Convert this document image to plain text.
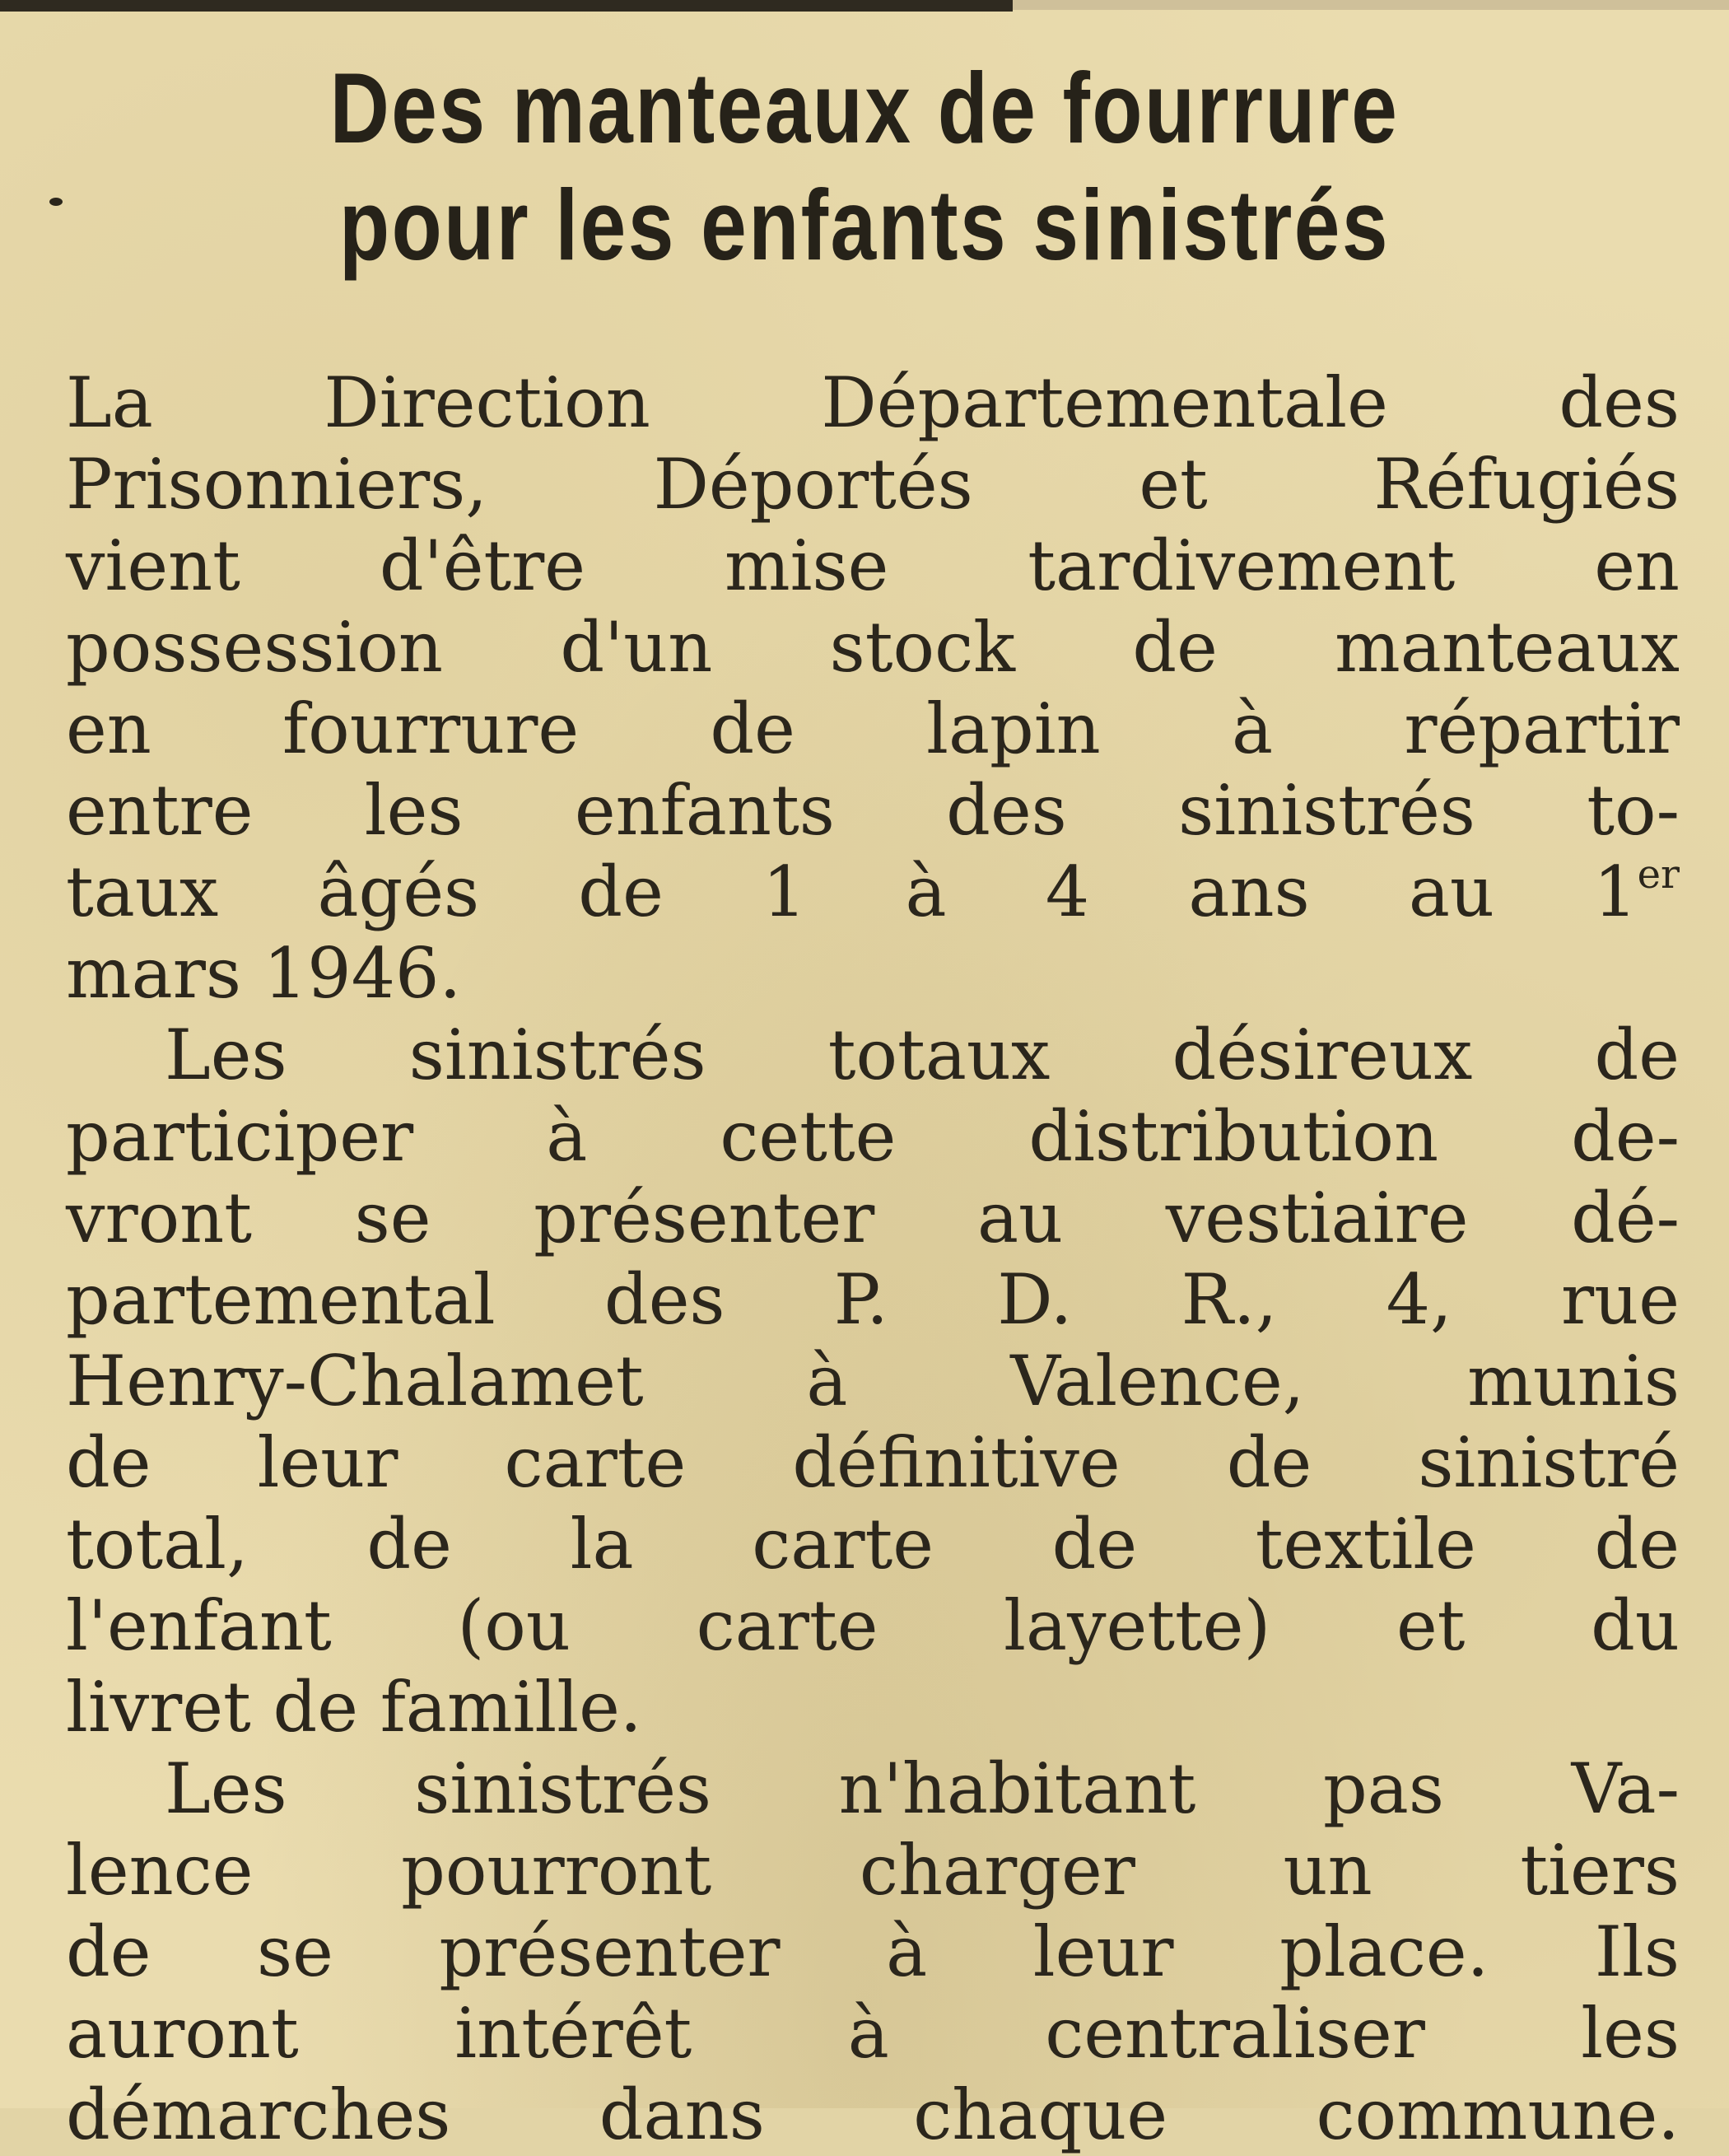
Des manteaux de fourrure
pour les enfants sinistrés
La Direction Départementale des
Prisonniers, Déportés et Réfugiés
vient d'être mise tardivement en
possession d'un stock de manteaux
en fourrure de lapin à répartir
entre les enfants des sinistrés to-
taux âgés de 1 à 4 ans au 1er
mars 1946.
Les sinistrés totaux désireux de
participer à cette distribution de-
vront se présenter au vestiaire dé-
partemental des P. D. R., 4, rue
Henry-Chalamet à Valence, munis
de leur carte définitive de sinistré
total, de la carte de textile de
l'enfant (ou carte layette) et du
livret de famille.
Les sinistrés n'habitant pas Va-
lence pourront charger un tiers
de se présenter à leur place. Ils
auront intérêt à centraliser les
démarches dans chaque commune.
